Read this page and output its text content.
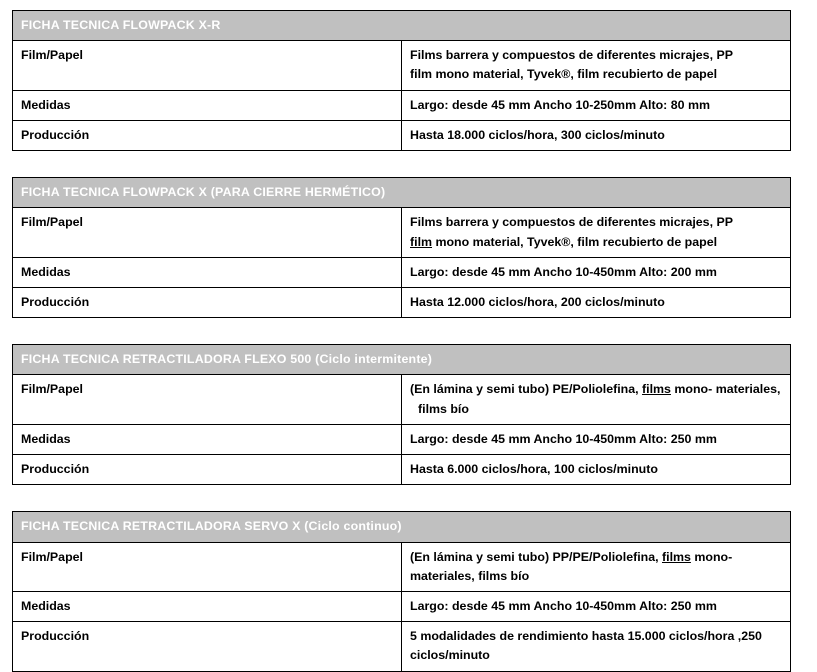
FICHA TECNICA FLOWPACK X-R	
Film/Papel	Films barrera y compuestos de diferentes micrajes, PP
film mono material, Tyvek®, film recubierto de papel

Medidas	Largo: desde 45 mm Ancho 10-250mm Alto: 80 mm

Producción	Hasta 18.000 ciclos/hora, 300 ciclos/minuto
FICHA TECNICA FLOWPACK X (PARA CIERRE HERMÉTICO)	
Film/Papel	Films barrera y compuestos de diferentes micrajes, PP
film mono material, Tyvek®, film recubierto de papel

Medidas	Largo: desde 45 mm Ancho 10-450mm Alto: 200 mm

Producción	Hasta 12.000 ciclos/hora, 200 ciclos/minuto
FICHA TECNICA RETRACTILADORA FLEXO 500 (Ciclo intermitente)	
Film/Papel	(En lámina y semi tubo) PE/Poliolefina, films mono- materiales,
films bío

Medidas	Largo: desde 45 mm Ancho 10-450mm Alto: 250 mm

Producción	Hasta 6.000 ciclos/hora, 100 ciclos/minuto
FICHA TECNICA RETRACTILADORA SERVO X (Ciclo continuo)	
Film/Papel	(En lámina y semi tubo) PP/PE/Poliolefina, films mono-
materiales, films bío

Medidas	Largo: desde 45 mm Ancho 10-450mm Alto: 250 mm

Producción	5 modalidades de rendimiento hasta 15.000 ciclos/hora ,250
ciclos/minuto
